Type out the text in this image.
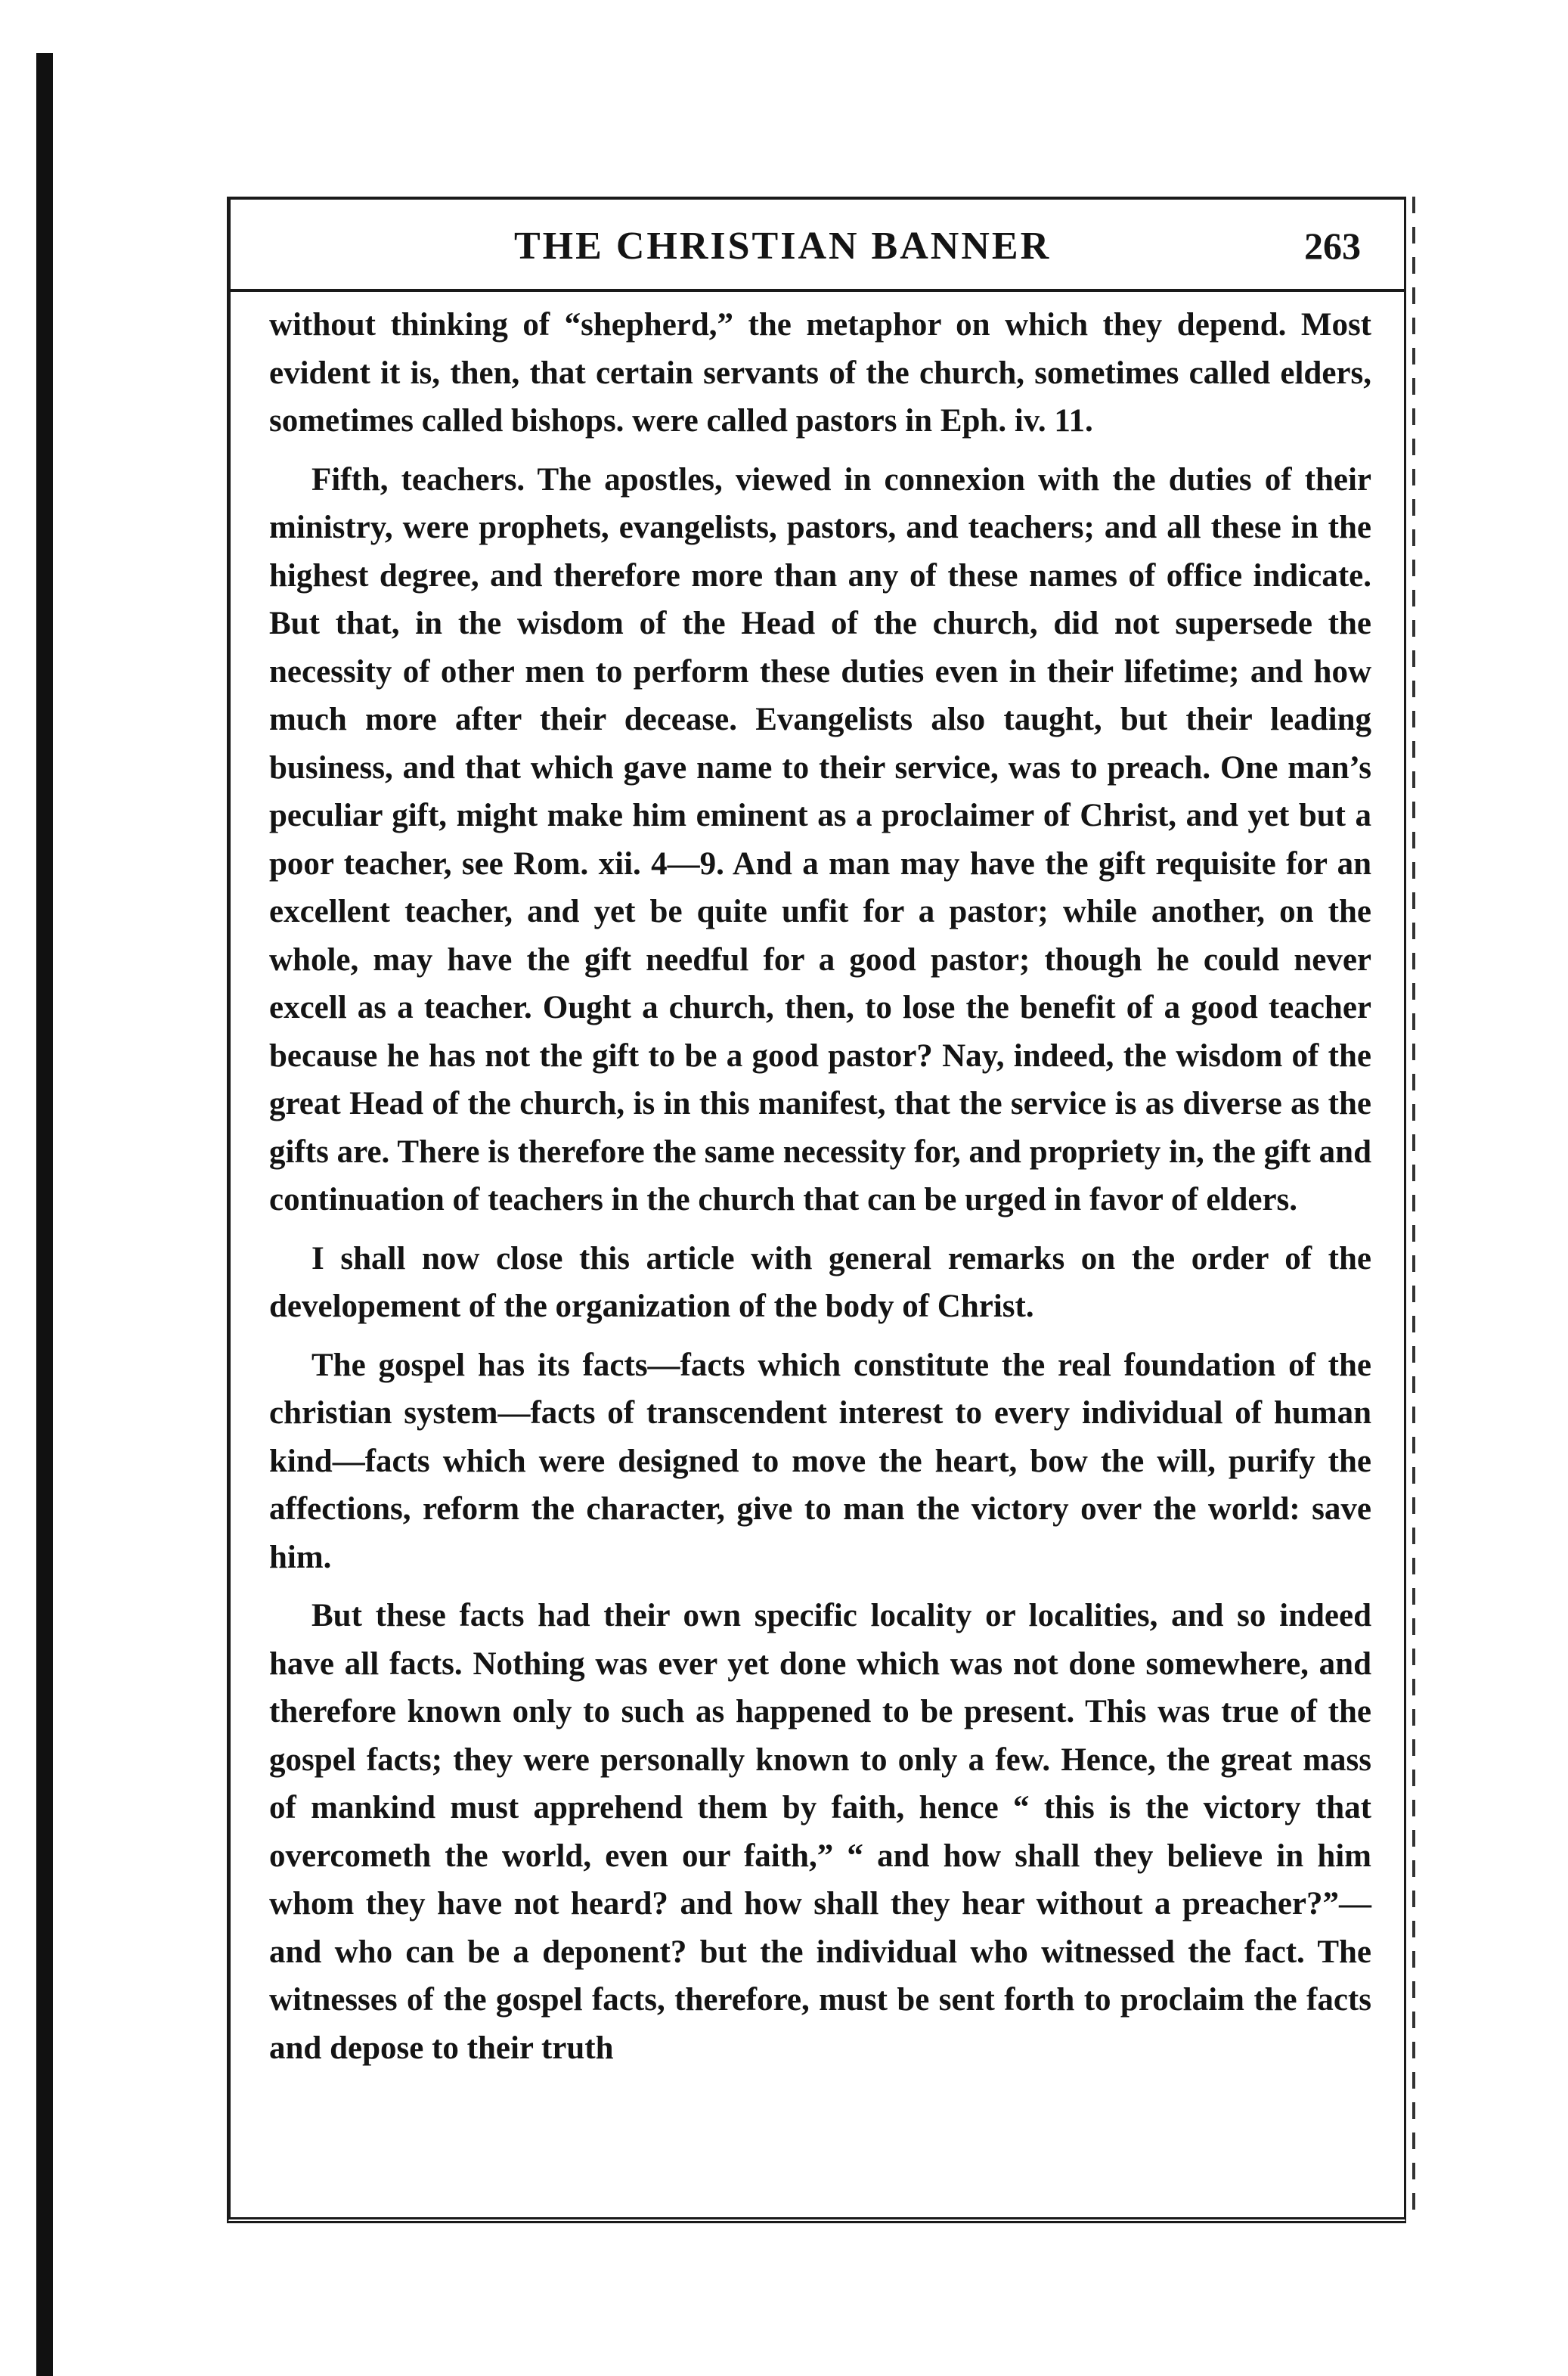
THE CHRISTIAN BANNER	263

without thinking of “shepherd,” the metaphor on which they depend. Most evident it is, then, that certain servants of the church, sometimes called elders, sometimes called bishops. were called pastors in Eph. iv. 11.

Fifth, teachers. The apostles, viewed in connexion with the duties of their ministry, were prophets, evangelists, pastors, and teachers; and all these in the highest degree, and therefore more than any of these names of office indicate. But that, in the wisdom of the Head of the church, did not supersede the necessity of other men to perform these duties even in their lifetime; and how much more after their decease. Evangelists also taught, but their leading business, and that which gave name to their service, was to preach. One man’s peculiar gift, might make him eminent as a proclaimer of Christ, and yet but a poor teacher, see Rom. xii. 4—9. And a man may have the gift requisite for an excellent teacher, and yet be quite unfit for a pastor; while another, on the whole, may have the gift needful for a good pastor; though he could never excell as a teacher. Ought a church, then, to lose the benefit of a good teacher because he has not the gift to be a good pastor? Nay, indeed, the wisdom of the great Head of the church, is in this manifest, that the service is as diverse as the gifts are. There is therefore the same necessity for, and propriety in, the gift and continuation of teachers in the church that can be urged in favor of elders.

I shall now close this article with general remarks on the order of the developement of the organization of the body of Christ.

The gospel has its facts—facts which constitute the real foundation of the christian system—facts of transcendent interest to every individual of human kind—facts which were designed to move the heart, bow the will, purify the affections, reform the character, give to man the victory over the world: save him.

But these facts had their own specific locality or localities, and so indeed have all facts. Nothing was ever yet done which was not done somewhere, and therefore known only to such as happened to be present. This was true of the gospel facts; they were personally known to only a few. Hence, the great mass of mankind must apprehend them by faith, hence “ this is the victory that overcometh the world, even our faith,” “ and how shall they believe in him whom they have not heard? and how shall they hear without a preacher?”—and who can be a deponent? but the individual who witnessed the fact. The witnesses of the gospel facts, therefore, must be sent forth to proclaim the facts and depose to their truth
